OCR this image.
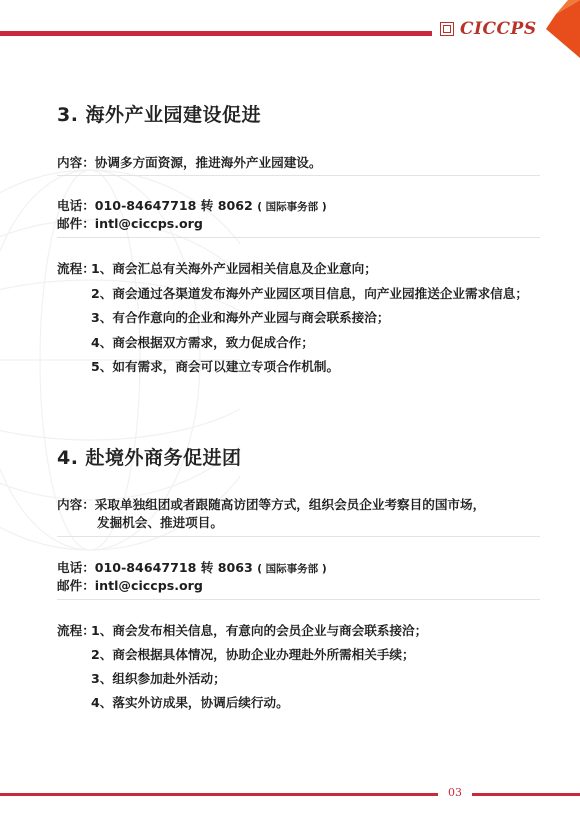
CICCPS
3. 海外产业园建设促进
内容：协调多方面资源，推进海外产业园建设。
电话：010-84647718 转 8062 ( 国际事务部 )
邮件：intl@ciccps.org
流程：
1、商会汇总有关海外产业园相关信息及企业意向；
2、商会通过各渠道发布海外产业园区项目信息，向产业园推送企业需求信息；
3、有合作意向的企业和海外产业园与商会联系接洽；
4、商会根据双方需求，致力促成合作；
5、如有需求，商会可以建立专项合作机制。
4. 赴境外商务促进团
内容：采取单独组团或者跟随高访团等方式，组织会员企业考察目的国市场，
发掘机会、推进项目。
电话：010-84647718 转 8063 ( 国际事务部 )
邮件：intl@ciccps.org
流程：
1、商会发布相关信息，有意向的会员企业与商会联系接洽；
2、商会根据具体情况，协助企业办理赴外所需相关手续；
3、组织参加赴外活动；
4、落实外访成果，协调后续行动。
03
